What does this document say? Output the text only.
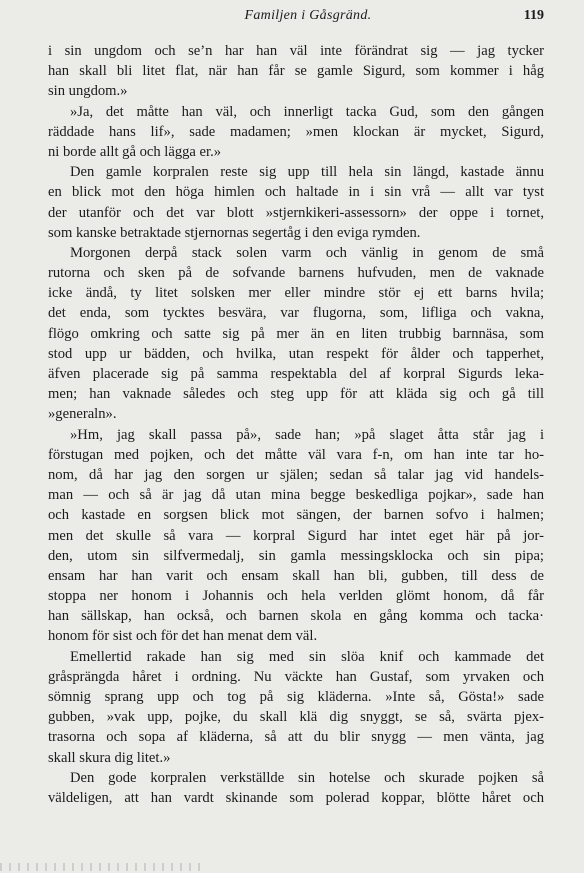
Familjen i Gåsgränd.	119
i sin ungdom och se’n har han väl inte förändrat sig — jag tycker
han skall bli litet flat, när han får se gamle Sigurd, som kommer i håg
sin ungdom.»
»Ja, det måtte han väl, och innerligt tacka Gud, som den gången
räddade hans lif», sade madamen; »men klockan är mycket, Sigurd,
ni borde allt gå och lägga er.»
Den gamle korpralen reste sig upp till hela sin längd, kastade ännu
en blick mot den höga himlen och haltade in i sin vrå — allt var tyst
der utanför och det var blott »stjernkikeri-assessorn» der oppe i tornet,
som kanske betraktade stjernornas segertåg i den eviga rymden.
Morgonen derpå stack solen varm och vänlig in genom de små
rutorna och sken på de sofvande barnens hufvuden, men de vaknade
icke ändå, ty litet solsken mer eller mindre stör ej ett barns hvila;
det enda, som tycktes besvära, var flugorna, som, lifliga och vakna,
flögo omkring och satte sig på mer än en liten trubbig barnnäsa, som
stod upp ur bädden, och hvilka, utan respekt för ålder och tapperhet,
äfven placerade sig på samma respektabla del af korpral Sigurds leka-
men; han vaknade således och steg upp för att kläda sig och gå till
»generaln».
»Hm, jag skall passa på», sade han; »på slaget åtta står jag i
förstugan med pojken, och det måtte väl vara f-n, om han inte tar ho-
nom, då har jag den sorgen ur själen; sedan så talar jag vid handels-
man — och så är jag då utan mina begge beskedliga pojkar», sade han
och kastade en sorgsen blick mot sängen, der barnen sofvo i halmen;
men det skulle så vara — korpral Sigurd har intet eget här på jor-
den, utom sin silfvermedalj, sin gamla messingsklocka och sin pipa;
ensam har han varit och ensam skall han bli, gubben, till dess de
stoppa ner honom i Johannis och hela verlden glömt honom, då får
han sällskap, han också, och barnen skola en gång komma och tacka·
honom för sist och för det han menat dem väl.
Emellertid rakade han sig med sin slöa knif och kammade det
gråsprängda håret i ordning. Nu väckte han Gustaf, som yrvaken och
sömnig sprang upp och tog på sig kläderna. »Inte så, Gösta!» sade
gubben, »vak upp, pojke, du skall klä dig snyggt, se så, svärta pjex-
trasorna och sopa af kläderna, så att du blir snygg — men vänta, jag
skall skura dig litet.»
Den gode korpralen verkställde sin hotelse och skurade pojken så
väldeligen, att han vardt skinande som polerad koppar, blötte håret och
